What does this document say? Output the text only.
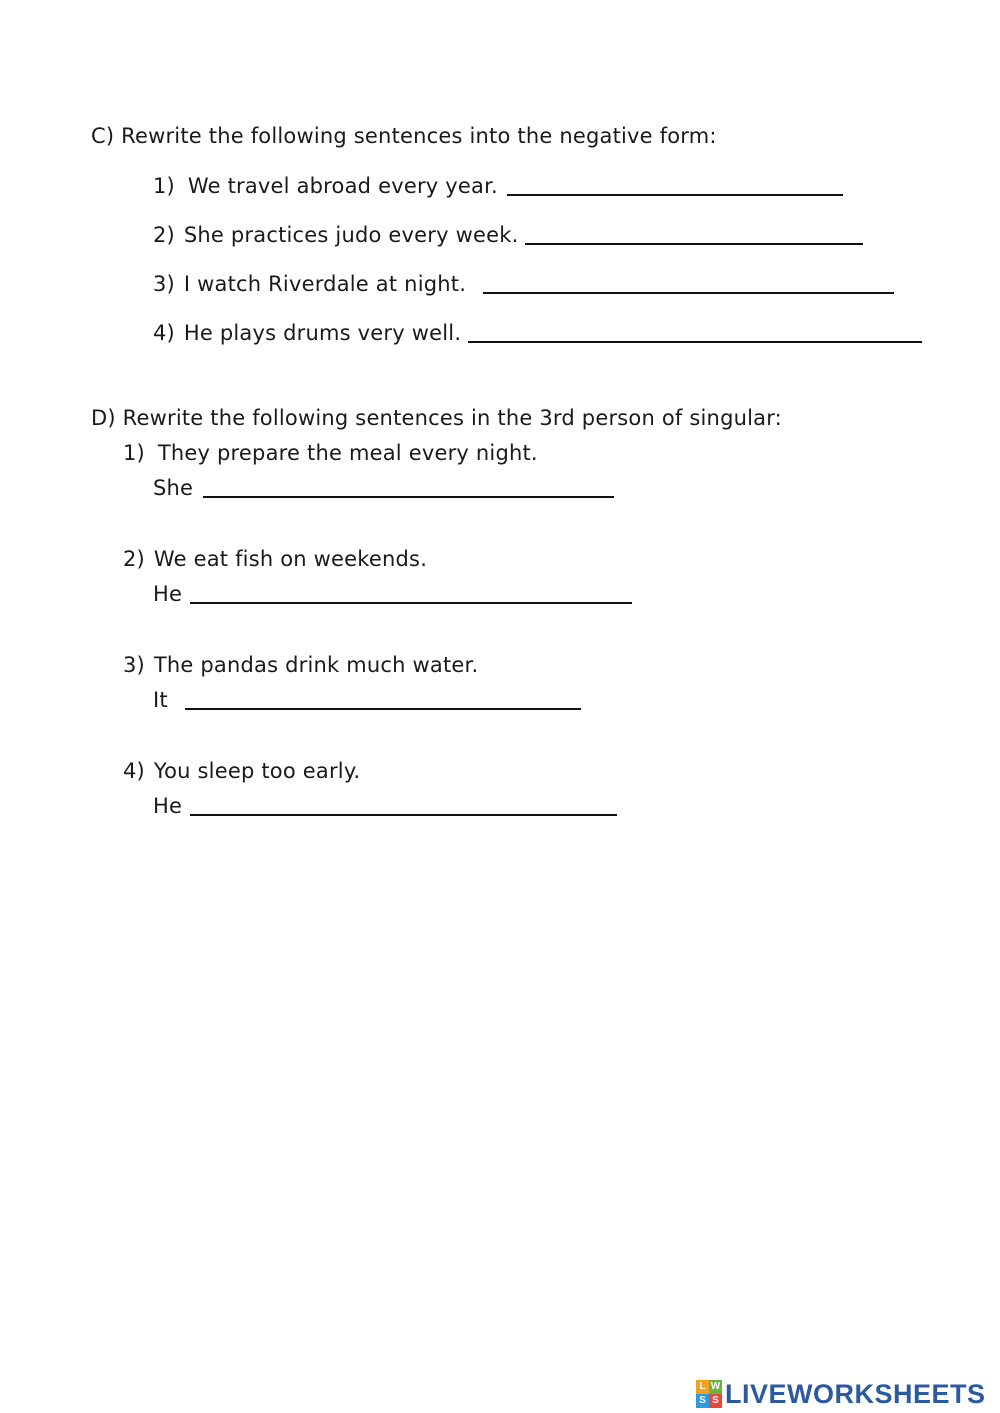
C) Rewrite the following sentences into the negative form:
1) We travel abroad every year.
2) She practices judo every week.
3) I watch Riverdale at night.
4) He plays drums very well.
D) Rewrite the following sentences in the 3rd person of singular:
1) They prepare the meal every night.
She
2) We eat fish on weekends.
He
3) The pandas drink much water.
It
4) You sleep too early.
He
L W
S S LIVEWORKSHEETS
